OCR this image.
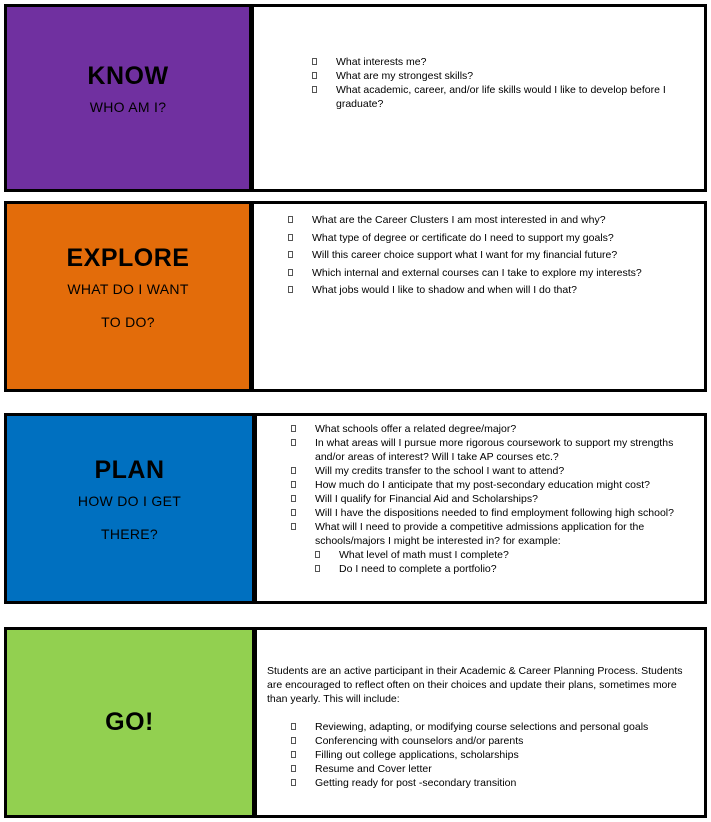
KNOW
WHO AM I?
What interests me?
What are my strongest skills?
What academic, career, and/or life skills would I like to develop before I graduate?
EXPLORE
WHAT DO I WANT
TO DO?
What are the Career Clusters I am most interested in and why?
What type of degree or certificate do I need to support my goals?
Will this career choice support what I want for my financial future?
Which internal and external courses can I take to explore my interests?
What jobs would I like to shadow and when will I do that?
PLAN
HOW DO I GET
THERE?
What schools offer a related degree/major?
In what areas will I pursue more rigorous coursework to support my strengths and/or areas of interest? Will I take AP courses etc.?
Will my credits transfer to the school I want to attend?
How much do I anticipate that my post-secondary education might cost?
Will I qualify for Financial Aid and Scholarships?
Will I have the dispositions needed to find employment following high school?
What will I need to provide a competitive admissions application for the schools/majors I might be interested in? for example:
What level of math must I complete?
Do I need to complete a portfolio?
GO!
Students are an active participant in their Academic & Career Planning Process. Students are encouraged to reflect often on their choices and update their plans, sometimes more than yearly. This will include:
Reviewing, adapting, or modifying course selections and personal goals
Conferencing with counselors and/or parents
Filling out college applications, scholarships
Resume and Cover letter
Getting ready for post -secondary transition
